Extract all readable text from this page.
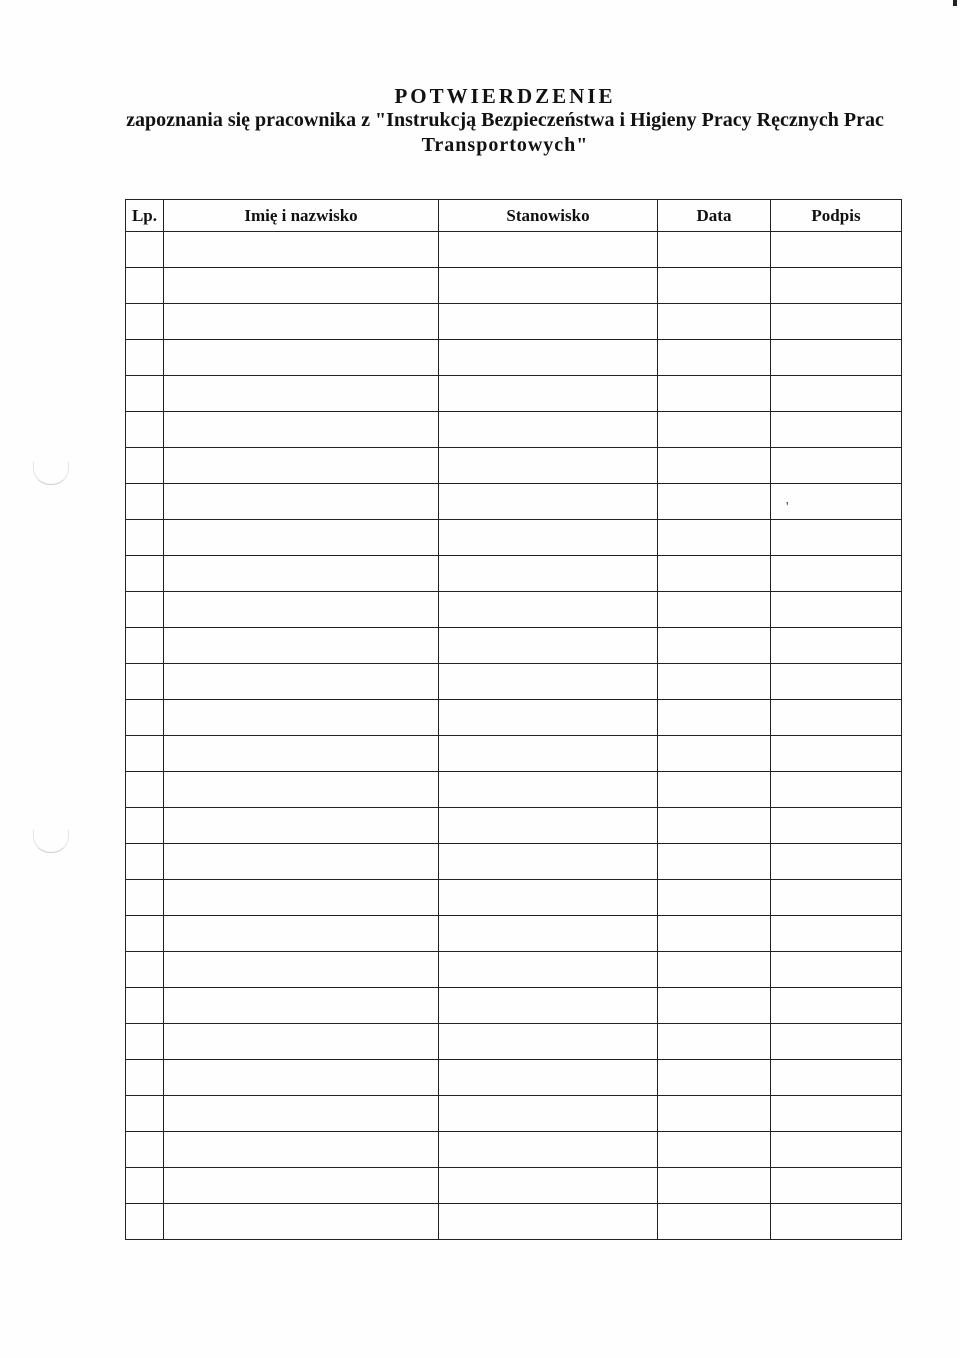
POTWIERDZENIE
zapoznania się pracownika z "Instrukcją Bezpieczeństwa i Higieny Pracy Ręcznych Prac
Transportowych"
Lp.	Imię i nazwisko	Stanowisko	Data	Podpis

'
